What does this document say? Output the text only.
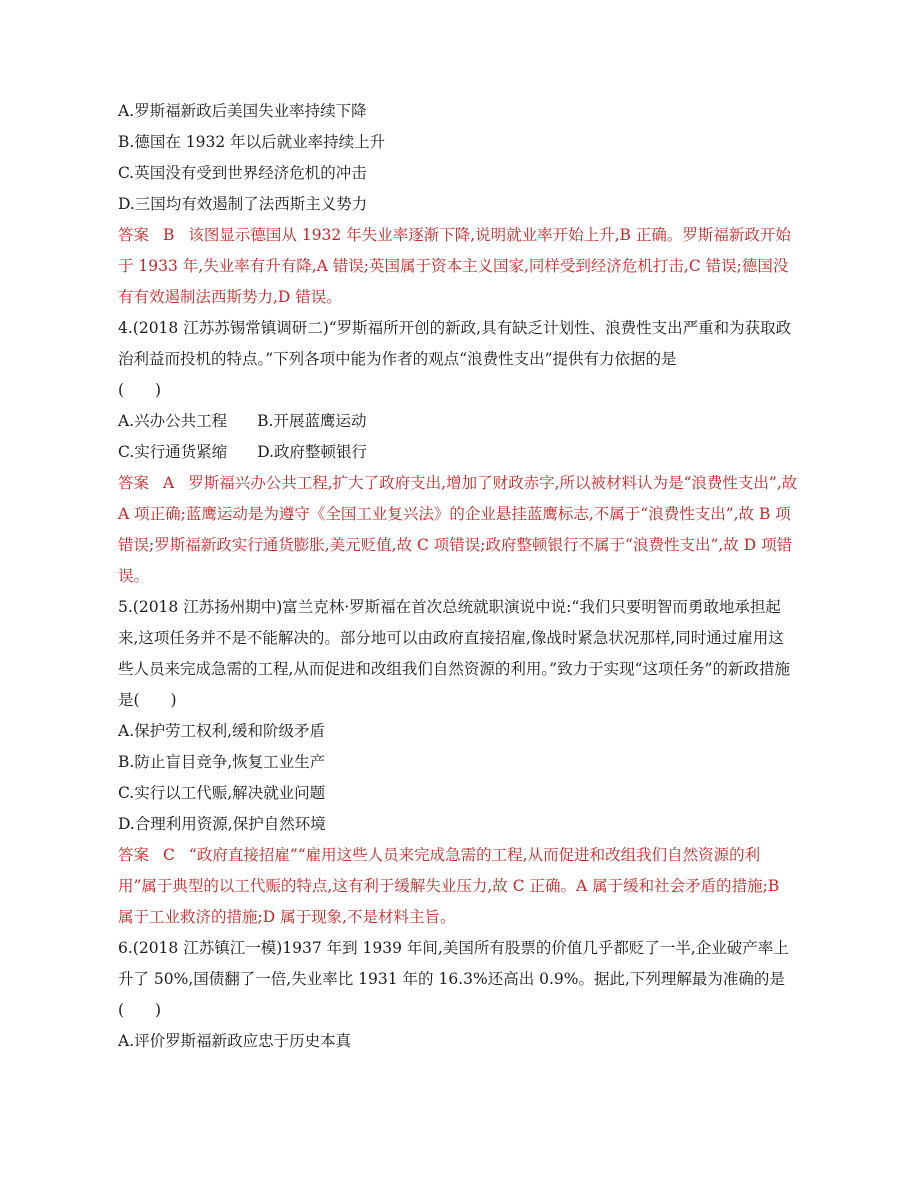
A.罗斯福新政后美国失业率持续下降
B.德国在 1932 年以后就业率持续上升
C.英国没有受到世界经济危机的冲击
D.三国均有效遏制了法西斯主义势力
答案 B 该图显示德国从 1932 年失业率逐渐下降,说明就业率开始上升,B 正确。罗斯福新政开始于 1933 年,失业率有升有降,A 错误;英国属于资本主义国家,同样受到经济危机打击,C 错误;德国没有有效遏制法西斯势力,D 错误。
4.(2018 江苏苏锡常镇调研二)“罗斯福所开创的新政,具有缺乏计划性、浪费性支出严重和为获取政治利益而投机的特点。”下列各项中能为作者的观点“浪费性支出”提供有力依据的是
(　　)
A.兴办公共工程 B.开展蓝鹰运动
C.实行通货紧缩 D.政府整顿银行
答案 A 罗斯福兴办公共工程,扩大了政府支出,增加了财政赤字,所以被材料认为是“浪费性支出”,故 A 项正确;蓝鹰运动是为遵守《全国工业复兴法》的企业悬挂蓝鹰标志,不属于“浪费性支出”,故 B 项错误;罗斯福新政实行通货膨胀,美元贬值,故 C 项错误;政府整顿银行不属于“浪费性支出”,故 D 项错误。
5.(2018 江苏扬州期中)富兰克林·罗斯福在首次总统就职演说中说:“我们只要明智而勇敢地承担起来,这项任务并不是不能解决的。部分地可以由政府直接招雇,像战时紧急状况那样,同时通过雇用这些人员来完成急需的工程,从而促进和改组我们自然资源的利用。”致力于实现“这项任务”的新政措施是(　　)
A.保护劳工权利,缓和阶级矛盾
B.防止盲目竞争,恢复工业生产
C.实行以工代赈,解决就业问题
D.合理利用资源,保护自然环境
答案 C “政府直接招雇”“雇用这些人员来完成急需的工程,从而促进和改组我们自然资源的利用”属于典型的以工代赈的特点,这有利于缓解失业压力,故 C 正确。A 属于缓和社会矛盾的措施;B 属于工业救济的措施;D 属于现象,不是材料主旨。
6.(2018 江苏镇江一模)1937 年到 1939 年间,美国所有股票的价值几乎都贬了一半,企业破产率上升了 50%,国债翻了一倍,失业率比 1931 年的 16.3%还高出 0.9%。据此,下列理解最为准确的是
(　　)
A.评价罗斯福新政应忠于历史本真
